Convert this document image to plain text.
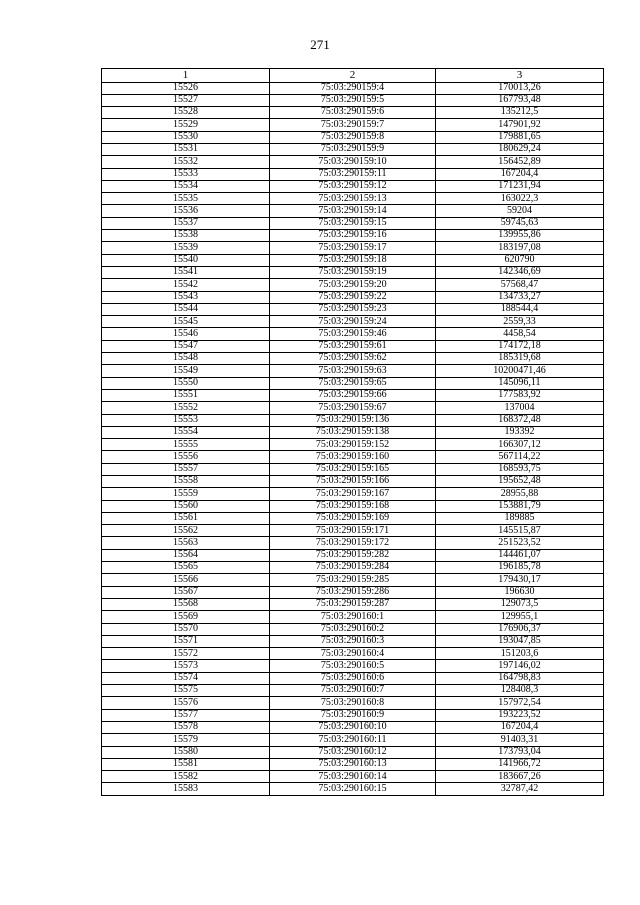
271
1	2	3
15526	75:03:290159:4	170013,26
15527	75:03:290159:5	167793,48
15528	75:03:290159:6	135212,5
15529	75:03:290159:7	147901,92
15530	75:03:290159:8	179881,65
15531	75:03:290159:9	180629,24
15532	75:03:290159:10	156452,89
15533	75:03:290159:11	167204,4
15534	75:03:290159:12	171231,94
15535	75:03:290159:13	163022,3
15536	75:03:290159:14	59204
15537	75:03:290159:15	59745,63
15538	75:03:290159:16	139955,86
15539	75:03:290159:17	183197,08
15540	75:03:290159:18	620790
15541	75:03:290159:19	142346,69
15542	75:03:290159:20	57568,47
15543	75:03:290159:22	134733,27
15544	75:03:290159:23	188544,4
15545	75:03:290159:24	2559,33
15546	75:03:290159:46	4458,54
15547	75:03:290159:61	174172,18
15548	75:03:290159:62	185319,68
15549	75:03:290159:63	10200471,46
15550	75:03:290159:65	145096,11
15551	75:03:290159:66	177583,92
15552	75:03:290159:67	137004
15553	75:03:290159:136	168372,48
15554	75:03:290159:138	193392
15555	75:03:290159:152	166307,12
15556	75:03:290159:160	567114,22
15557	75:03:290159:165	168593,75
15558	75:03:290159:166	195652,48
15559	75:03:290159:167	28955,88
15560	75:03:290159:168	153881,79
15561	75:03:290159:169	189885
15562	75:03:290159:171	145515,87
15563	75:03:290159:172	251523,52
15564	75:03:290159:282	144461,07
15565	75:03:290159:284	196185,78
15566	75:03:290159:285	179430,17
15567	75:03:290159:286	196630
15568	75:03:290159:287	129073,5
15569	75:03:290160:1	129955,1
15570	75:03:290160:2	176906,37
15571	75:03:290160:3	193047,85
15572	75:03:290160:4	151203,6
15573	75:03:290160:5	197146,02
15574	75:03:290160:6	164798,83
15575	75:03:290160:7	128408,3
15576	75:03:290160:8	157972,54
15577	75:03:290160:9	193223,52
15578	75:03:290160:10	167204,4
15579	75:03:290160:11	91403,31
15580	75:03:290160:12	173793,04
15581	75:03:290160:13	141966,72
15582	75:03:290160:14	183667,26
15583	75:03:290160:15	32787,42
